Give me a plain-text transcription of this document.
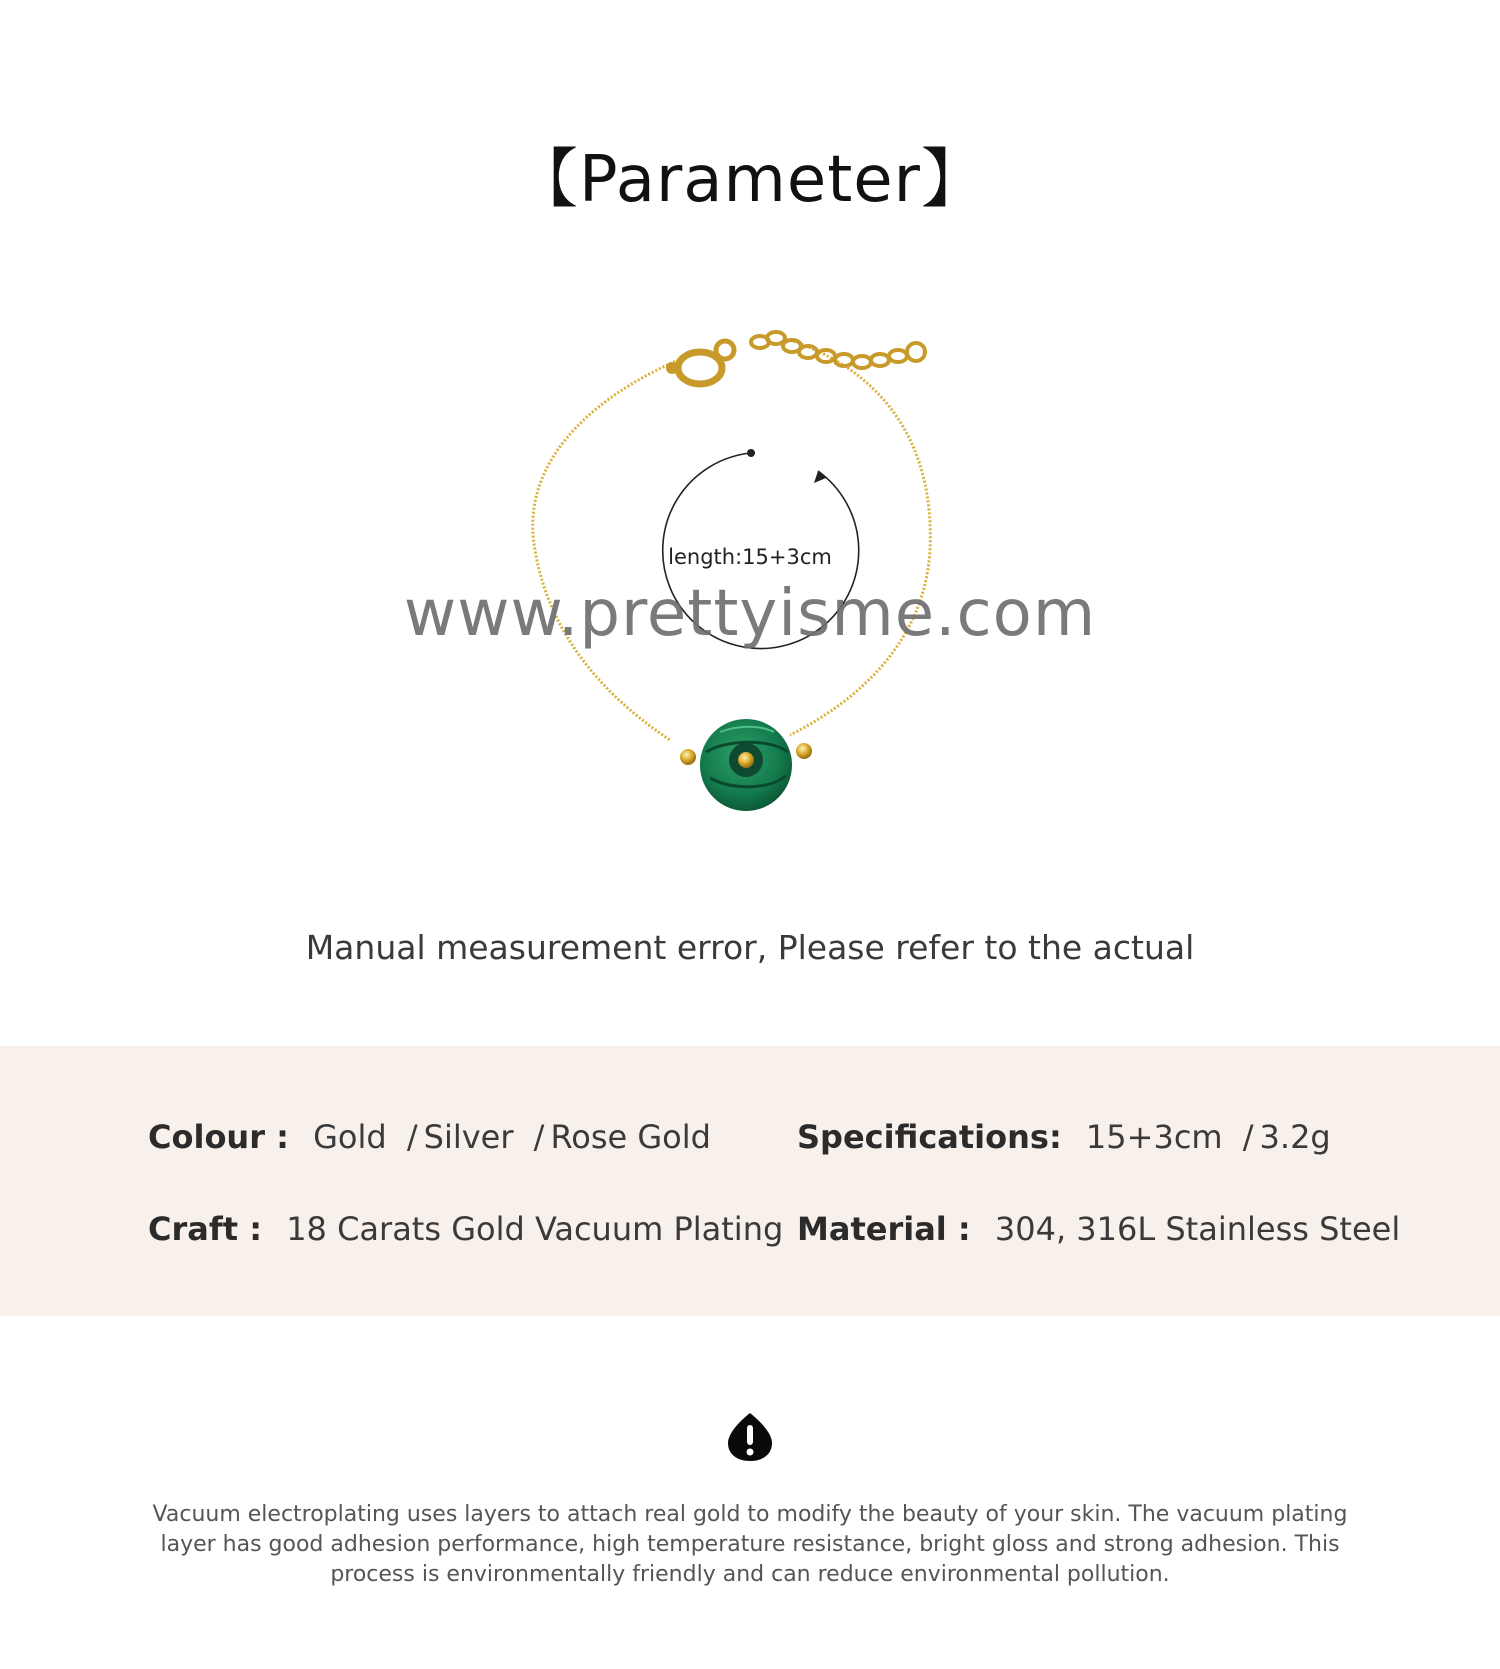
【Parameter】
length:15+3cm
www.prettyisme.com
Manual measurement error, Please refer to the actual
Colour : Gold / Silver / Rose Gold	Specifications: 15+3cm / 3.2g
Craft : 18 Carats Gold Vacuum Plating Material : 304, 316L Stainless Steel
Vacuum electroplating uses layers to attach real gold to modify the beauty of your skin. The vacuum plating layer has good adhesion performance, high temperature resistance, bright gloss and strong adhesion. This process is environmentally friendly and can reduce environmental pollution.
